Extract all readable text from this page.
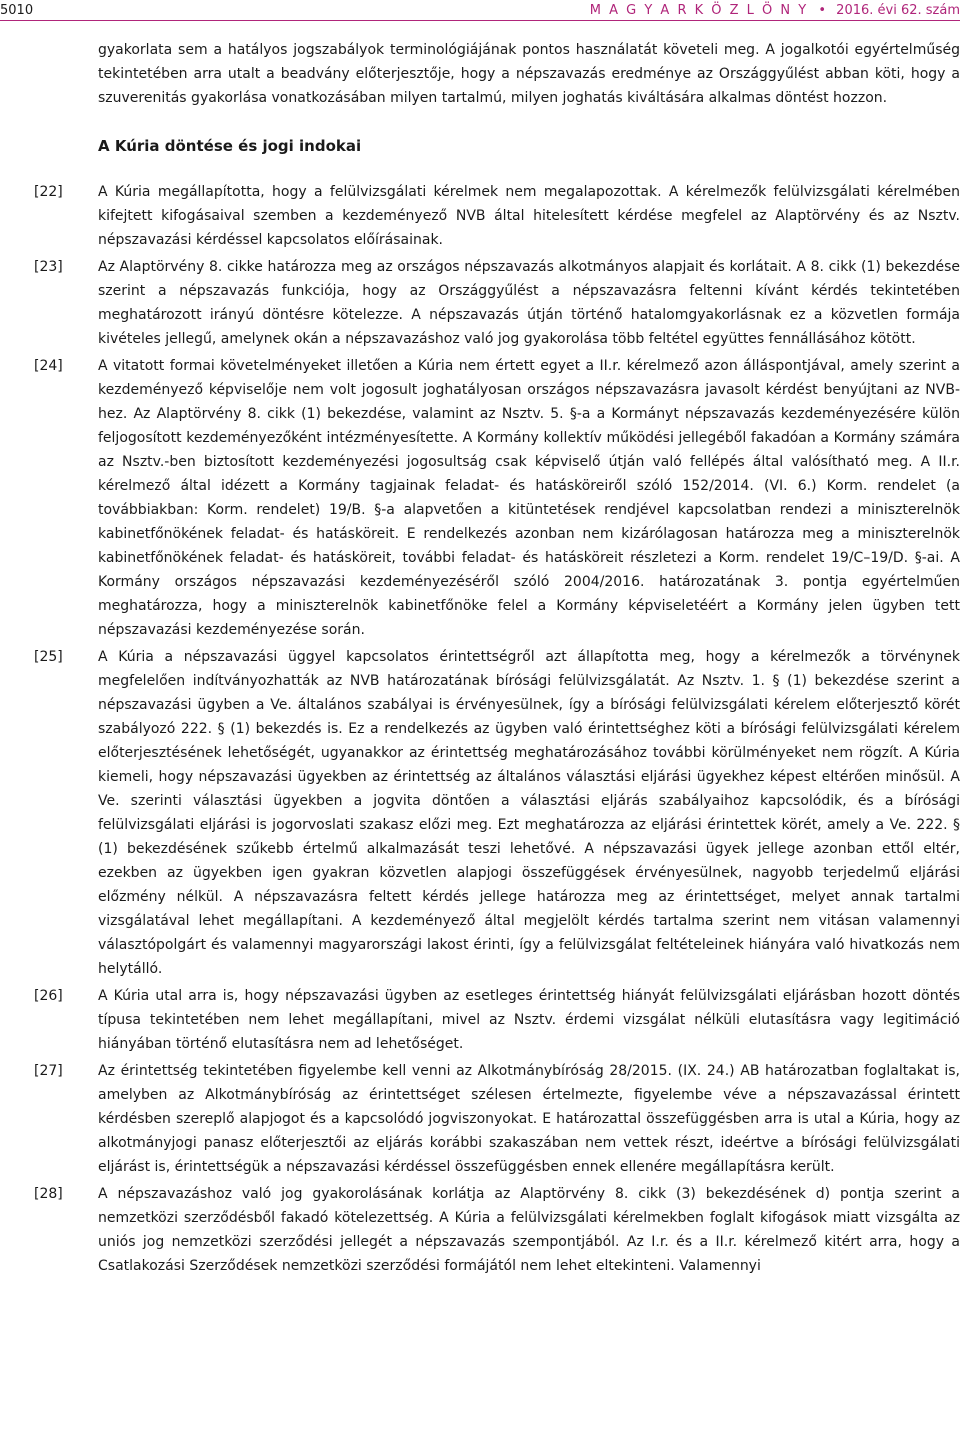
5010	M A G Y A R K Ö Z L Ö N Y • 2016. évi 62. szám

gyakorlata sem a hatályos jogszabályok terminológiájának pontos használatát követeli meg. A jogalkotói egyértelműség tekintetében arra utalt a beadvány előterjesztője, hogy a népszavazás eredménye az Országgyűlést abban köti, hogy a szuverenitás gyakorlása vonatkozásában milyen tartalmú, milyen joghatás kiváltására alkalmas döntést hozzon.

A Kúria döntése és jogi indokai

[22]	A Kúria megállapította, hogy a felülvizsgálati kérelmek nem megalapozottak. A kérelmezők felülvizsgálati kérelmében kifejtett kifogásaival szemben a kezdeményező NVB által hitelesített kérdése megfelel az Alaptörvény és az Nsztv. népszavazási kérdéssel kapcsolatos előírásainak.

[23]	Az Alaptörvény 8. cikke határozza meg az országos népszavazás alkotmányos alapjait és korlátait. A 8. cikk (1) bekezdése szerint a népszavazás funkciója, hogy az Országgyűlést a népszavazásra feltenni kívánt kérdés tekintetében meghatározott irányú döntésre kötelezze. A népszavazás útján történő hatalomgyakorlásnak ez a közvetlen formája kivételes jellegű, amelynek okán a népszavazáshoz való jog gyakorolása több feltétel együttes fennállásához kötött.

[24]	A vitatott formai követelményeket illetően a Kúria nem értett egyet a II.r. kérelmező azon álláspontjával, amely szerint a kezdeményező képviselője nem volt jogosult joghatályosan országos népszavazásra javasolt kérdést benyújtani az NVB-hez. Az Alaptörvény 8. cikk (1) bekezdése, valamint az Nsztv. 5. §-a a Kormányt népszavazás kezdeményezésére külön feljogosított kezdeményezőként intézményesítette. A Kormány kollektív működési jellegéből fakadóan a Kormány számára az Nsztv.-ben biztosított kezdeményezési jogosultság csak képviselő útján való fellépés által valósítható meg. A II.r. kérelmező által idézett a Kormány tagjainak feladat- és hatásköreiről szóló 152/2014. (VI. 6.) Korm. rendelet (a továbbiakban: Korm. rendelet) 19/B. §-a alapvetően a kitüntetések rendjével kapcsolatban rendezi a miniszterelnök kabinetfőnökének feladat- és hatásköreit. E rendelkezés azonban nem kizárólagosan határozza meg a miniszterelnök kabinetfőnökének feladat- és hatásköreit, további feladat- és hatásköreit részletezi a Korm. rendelet 19/C–19/D. §-ai. A Kormány országos népszavazási kezdeményezéséről szóló 2004/2016. határozatának 3. pontja egyértelműen meghatározza, hogy a miniszterelnök kabinetfőnöke felel a Kormány képviseletéért a Kormány jelen ügyben tett népszavazási kezdeményezése során.

[25]	A Kúria a népszavazási üggyel kapcsolatos érintettségről azt állapította meg, hogy a kérelmezők a törvénynek megfelelően indítványozhatták az NVB határozatának bírósági felülvizsgálatát. Az Nsztv. 1. § (1) bekezdése szerint a népszavazási ügyben a Ve. általános szabályai is érvényesülnek, így a bírósági felülvizsgálati kérelem előterjesztő körét szabályozó 222. § (1) bekezdés is. Ez a rendelkezés az ügyben való érintettséghez köti a bírósági felülvizsgálati kérelem előterjesztésének lehetőségét, ugyanakkor az érintettség meghatározásához további körülményeket nem rögzít. A Kúria kiemeli, hogy népszavazási ügyekben az érintettség az általános választási eljárási ügyekhez képest eltérően minősül. A Ve. szerinti választási ügyekben a jogvita döntően a választási eljárás szabályaihoz kapcsolódik, és a bírósági felülvizsgálati eljárási is jogorvoslati szakasz előzi meg. Ezt meghatározza az eljárási érintettek körét, amely a Ve. 222. § (1) bekezdésének szűkebb értelmű alkalmazását teszi lehetővé. A népszavazási ügyek jellege azonban ettől eltér, ezekben az ügyekben igen gyakran közvetlen alapjogi összefüggések érvényesülnek, nagyobb terjedelmű eljárási előzmény nélkül. A népszavazásra feltett kérdés jellege határozza meg az érintettséget, melyet annak tartalmi vizsgálatával lehet megállapítani. A kezdeményező által megjelölt kérdés tartalma szerint nem vitásan valamennyi választópolgárt és valamennyi magyarországi lakost érinti, így a felülvizsgálat feltételeinek hiányára való hivatkozás nem helytálló.

[26]	A Kúria utal arra is, hogy népszavazási ügyben az esetleges érintettség hiányát felülvizsgálati eljárásban hozott döntés típusa tekintetében nem lehet megállapítani, mivel az Nsztv. érdemi vizsgálat nélküli elutasításra vagy legitimáció hiányában történő elutasításra nem ad lehetőséget.

[27]	Az érintettség tekintetében figyelembe kell venni az Alkotmánybíróság 28/2015. (IX. 24.) AB határozatban foglaltakat is, amelyben az Alkotmánybíróság az érintettséget szélesen értelmezte, figyelembe véve a népszavazással érintett kérdésben szereplő alapjogot és a kapcsolódó jogviszonyokat. E határozattal összefüggésben arra is utal a Kúria, hogy az alkotmányjogi panasz előterjesztői az eljárás korábbi szakaszában nem vettek részt, ideértve a bírósági felülvizsgálati eljárást is, érintettségük a népszavazási kérdéssel összefüggésben ennek ellenére megállapításra került.

[28]	A népszavazáshoz való jog gyakorolásának korlátja az Alaptörvény 8. cikk (3) bekezdésének d) pontja szerint a nemzetközi szerződésből fakadó kötelezettség. A Kúria a felülvizsgálati kérelmekben foglalt kifogások miatt vizsgálta az uniós jog nemzetközi szerződési jellegét a népszavazás szempontjából. Az I.r. és a II.r. kérelmező kitért arra, hogy a Csatlakozási Szerződések nemzetközi szerződési formájától nem lehet eltekinteni. Valamennyi
